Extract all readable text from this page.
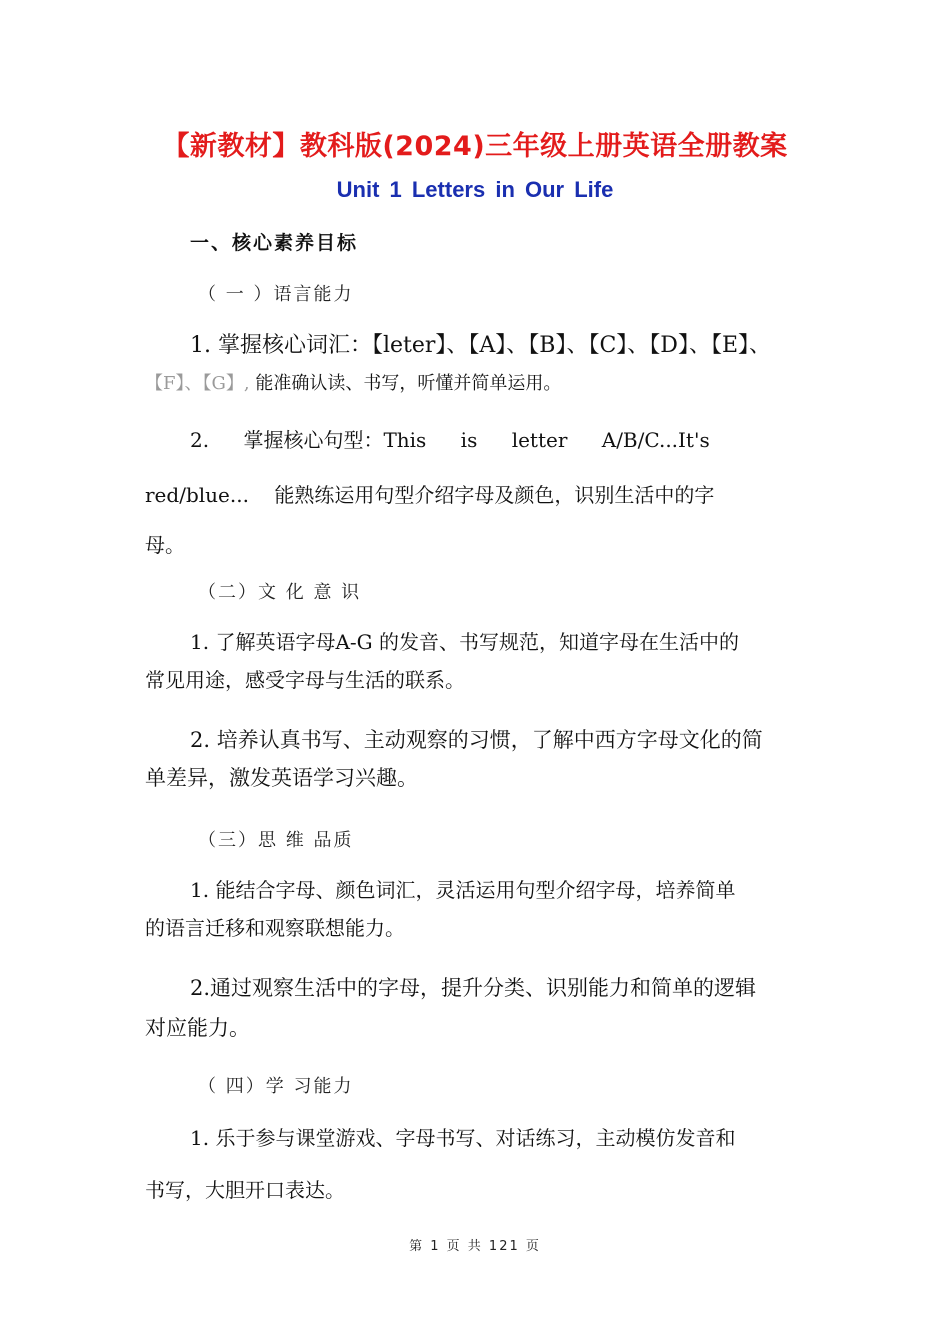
【新教材】教科版(2024)三年级上册英语全册教案
Unit 1 Letters in Our Life
一、核心素养目标
（ 一 ）语言能力
1. 掌握核心词汇：【leter】、【A】、【B】、【C】、【D】、【E】、
【F】、【G】, 能准确认读、书写，听懂并简单运用。
2. 掌握核心句型：This is letter A/B/C...It's
red/blue...    能熟练运用句型介绍字母及颜色，识别生活中的字
母。
（二）文 化 意 识
1. 了解英语字母A-G 的发音、书写规范，知道字母在生活中的
常见用途，感受字母与生活的联系。
2. 培养认真书写、主动观察的习惯，了解中西方字母文化的简
单差异，激发英语学习兴趣。
（三）思 维 品质
1. 能结合字母、颜色词汇，灵活运用句型介绍字母，培养简单
的语言迁移和观察联想能力。
2.通过观察生活中的字母，提升分类、识别能力和简单的逻辑
对应能力。
（ 四）学 习能力
1. 乐于参与课堂游戏、字母书写、对话练习，主动模仿发音和
书写，大胆开口表达。
第 1 页 共 121 页
